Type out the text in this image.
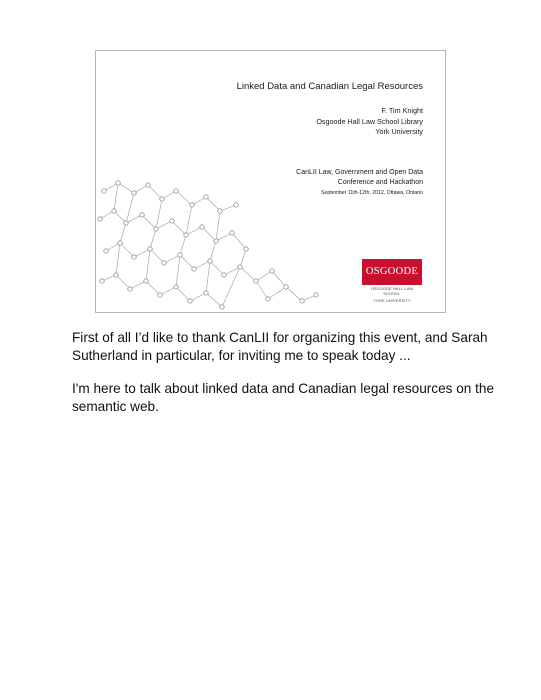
Linked Data and Canadian Legal Resources
F. Tim Knight
Osgoode Hall Law School Library
York University
CanLII Law, Government and Open Data
Conference and Hackathon
September 11th-12th, 2012, Ottawa, Ontario
OSGOODE
OSGOODE HALL LAW SCHOOL
YORK UNIVERSITY

First of all I’d like to thank CanLII for organizing this event, and Sarah Sutherland in particular, for inviting me to speak today ...

I'm here to talk about linked data and Canadian legal resources on the semantic web.
